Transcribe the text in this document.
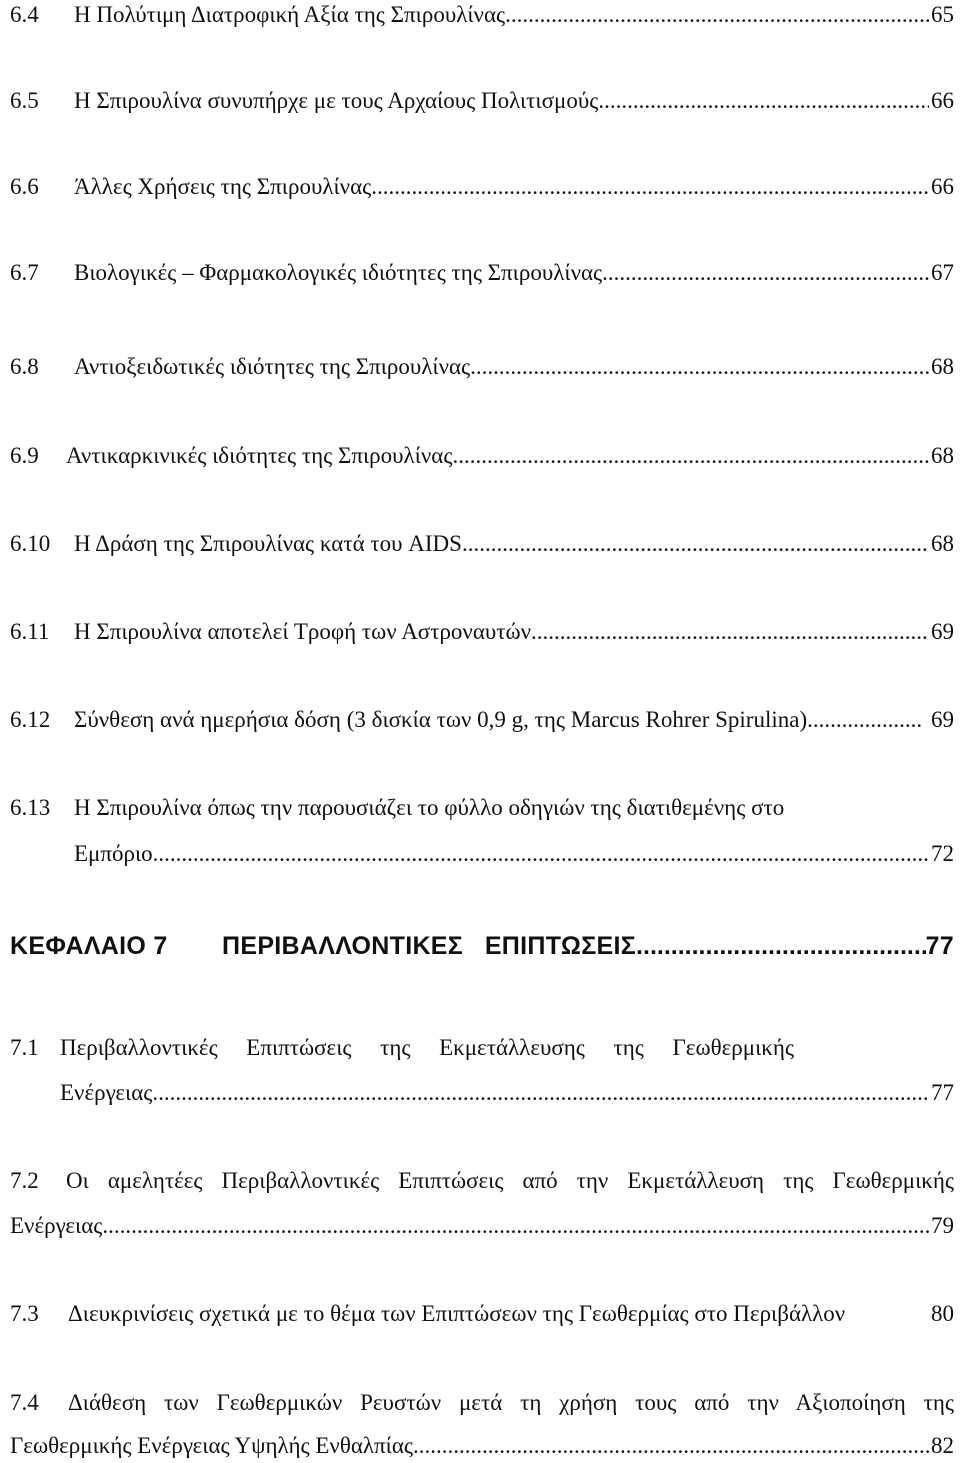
6.4	Η Πολύτιμη Διατροφική Αξία της Σπιρουλίνας .....	65
6.5	Η Σπιρουλίνα συνυπήρχε με τους Αρχαίους Πολιτισμούς .....	66
6.6	Άλλες Χρήσεις της Σπιρουλίνας .....	66
6.7	Βιολογικές – Φαρμακολογικές ιδιότητες της Σπιρουλίνας .....	67
6.8	Αντιοξειδωτικές ιδιότητες της Σπιρουλίνας .....	68
6.9	Αντικαρκινικές ιδιότητες της Σπιρουλίνας .....	68
6.10	Η Δράση της Σπιρουλίνας κατά του AIDS .....	68
6.11	Η Σπιρουλίνα αποτελεί Τροφή των Αστροναυτών .....	69
6.12	Σύνθεση ανά ημερήσια δόση (3 δισκία των 0,9 g, της Marcus Rohrer Spirulina) .....	69
6.13	Η Σπιρουλίνα όπως την παρουσιάζει το φύλλο οδηγιών της διατιθεμένης στο
Εμπόριο .....	72
ΚΕΦΑΛΑΙΟ 7	ΠΕΡΙΒΑΛΛΟΝΤΙΚΕΣ   ΕΠΙΠΤΩΣΕΙΣ .....	77
7.1 Περιβαλλοντικές Επιπτώσεις της Εκμετάλλευσης της Γεωθερμικής
Ενέργειας .....	77
7.2	Οι αμελητέες Περιβαλλοντικές Επιπτώσεις από την Εκμετάλλευση της Γεωθερμικής
Ενέργειας .....	79
7.3	Διευκρινίσεις σχετικά με το θέμα των Επιπτώσεων της Γεωθερμίας στο Περιβάλλον	80
7.4	Διάθεση των Γεωθερμικών Ρευστών μετά τη χρήση τους από την Αξιοποίηση της
Γεωθερμικής Ενέργειας Υψηλής Ενθαλπίας .....	82
